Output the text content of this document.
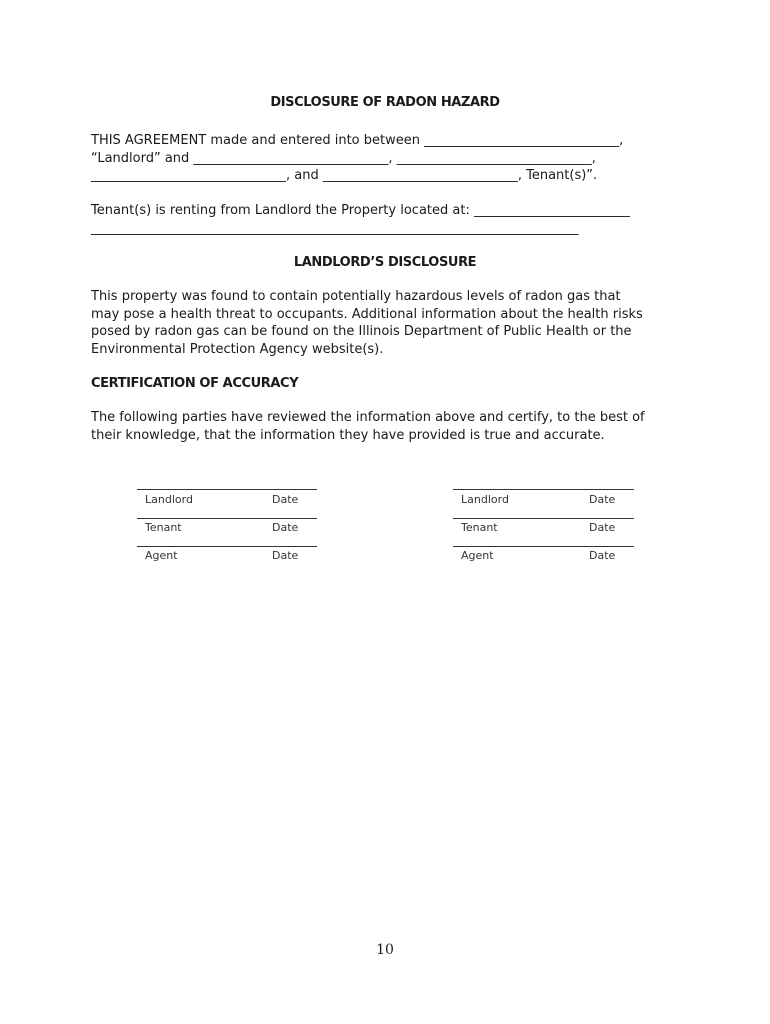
DISCLOSURE OF RADON HAZARD
THIS AGREEMENT made and entered into between ______________________________,
“Landlord” and ______________________________, ______________________________,
______________________________, and ______________________________, Tenant(s)”.
Tenant(s) is renting from Landlord the Property located at: ________________________
___________________________________________________________________________
LANDLORD’S DISCLOSURE
This property was found to contain potentially hazardous levels of radon gas that
may pose a health threat to occupants. Additional information about the health risks
posed by radon gas can be found on the Illinois Department of Public Health or the
Environmental Protection Agency website(s).
CERTIFICATION OF ACCURACY
The following parties have reviewed the information above and certify, to the best of
their knowledge, that the information they have provided is true and accurate.
Landlord	Date
Tenant	Date
Agent	Date
Landlord	Date
Tenant	Date
Agent	Date
10
